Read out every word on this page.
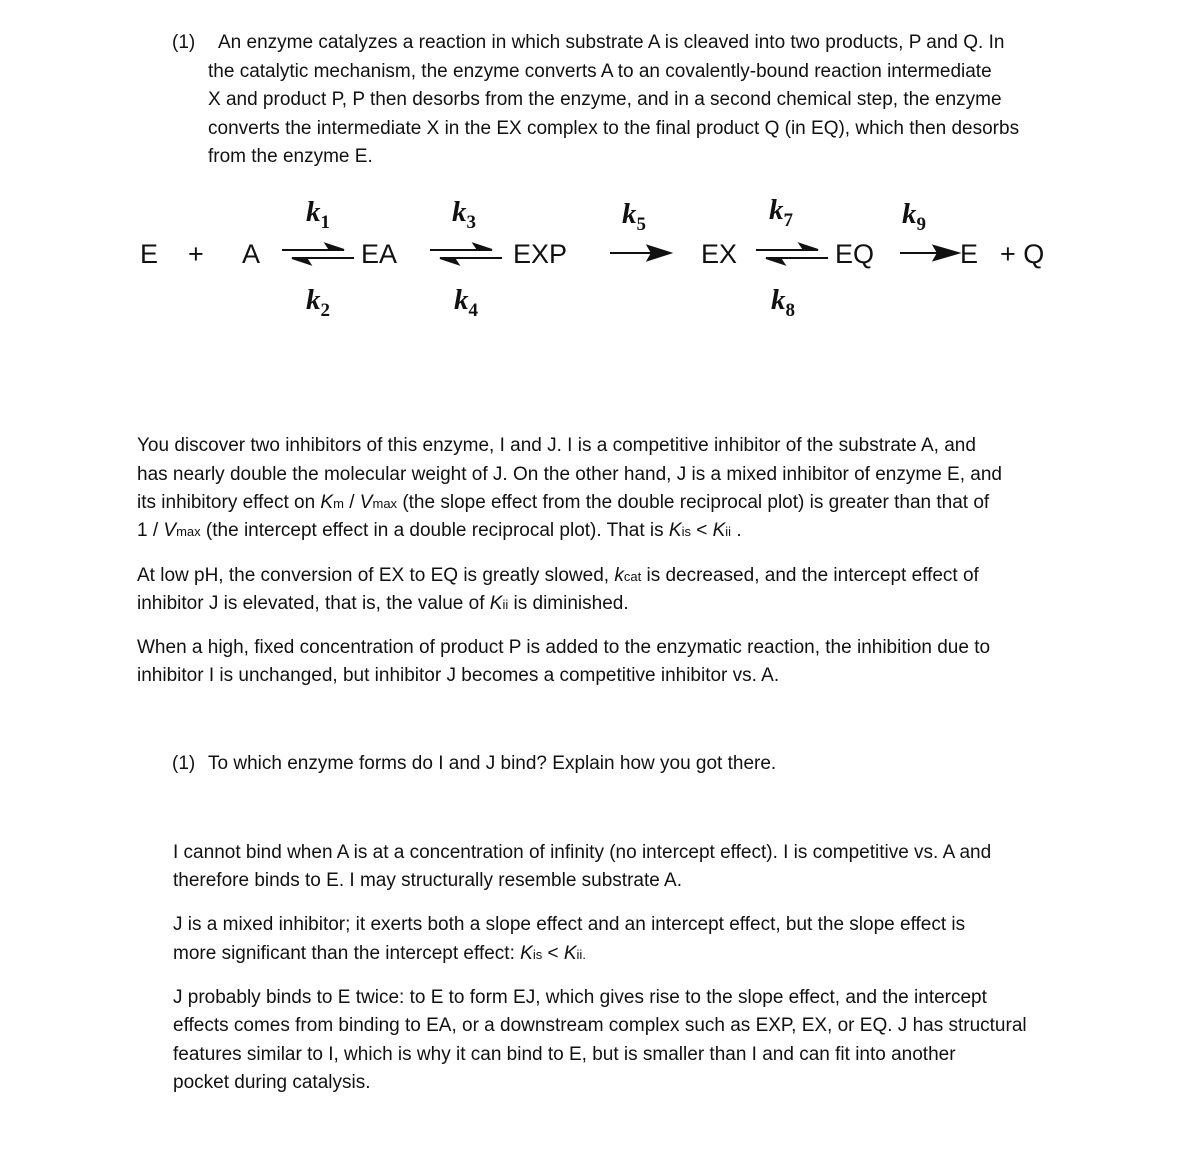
(1) An enzyme catalyzes a reaction in which substrate A is cleaved into two products, P and Q. In

the catalytic mechanism, the enzyme converts A to an covalently-bound reaction intermediate

X and product P, P then desorbs from the enzyme, and in a second chemical step, the enzyme

converts the intermediate X in the EX complex to the final product Q (in EQ), which then desorbs

from the enzyme E.

E + A	EA	EXP	EX	EQ	E + Q
$k_1$
$k_2$
$k_3$
$k_4$
$k_5$	$k_7$
$k_8$
$k_9$

You discover two inhibitors of this enzyme, I and J. I is a competitive inhibitor of the substrate A, and

has nearly double the molecular weight of J. On the other hand, J is a mixed inhibitor of enzyme E, and

its inhibitory effect on Km / Vmax (the slope effect from the double reciprocal plot) is greater than that of

1 / Vmax (the intercept effect in a double reciprocal plot). That is Kis < Kii .

At low pH, the conversion of EX to EQ is greatly slowed, kcat is decreased, and the intercept effect of

inhibitor J is elevated, that is, the value of Kii is diminished.

When a high, fixed concentration of product P is added to the enzymatic reaction, the inhibition due to

inhibitor I is unchanged, but inhibitor J becomes a competitive inhibitor vs. A.

(1) To which enzyme forms do I and J bind? Explain how you got there.

I cannot bind when A is at a concentration of infinity (no intercept effect). I is competitive vs. A and

therefore binds to E. I may structurally resemble substrate A.

J is a mixed inhibitor; it exerts both a slope effect and an intercept effect, but the slope effect is

more significant than the intercept effect: Kis < Kii.

J probably binds to E twice: to E to form EJ, which gives rise to the slope effect, and the intercept

effects comes from binding to EA, or a downstream complex such as EXP, EX, or EQ. J has structural

features similar to I, which is why it can bind to E, but is smaller than I and can fit into another

pocket during catalysis.
